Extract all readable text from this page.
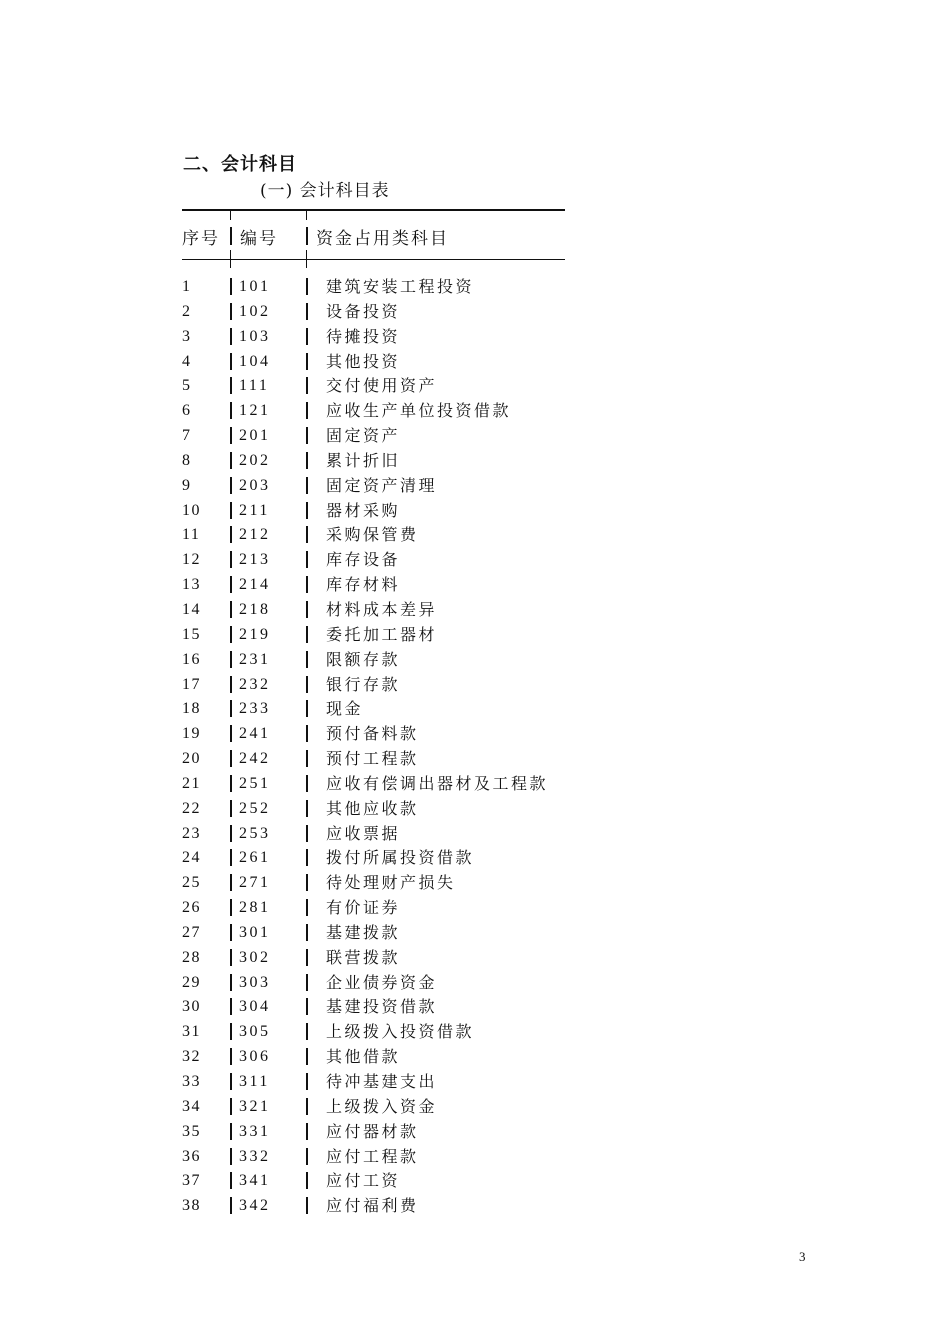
二、会计科目
(一) 会计科目表
序号 编号 资金占用类科目
1	101	建筑安装工程投资
2	102	设备投资
3	103	待摊投资
4	104	其他投资
5	111	交付使用资产
6	121	应收生产单位投资借款
7	201	固定资产
8	202	累计折旧
9	203	固定资产清理
10 211	器材采购
11 212	采购保管费
12 213	库存设备
13 214	库存材料
14 218	材料成本差异
15 219	委托加工器材
16 231	限额存款
17 232	银行存款
18 233	现金
19 241	预付备料款
20 242	预付工程款
21 251	应收有偿调出器材及工程款
22 252	其他应收款
23 253	应收票据
24 261	拨付所属投资借款
25 271	待处理财产损失
26 281	有价证券
27 301	基建拨款
28 302	联营拨款
29 303	企业债券资金
30 304	基建投资借款
31 305	上级拨入投资借款
32 306	其他借款
33 311	待冲基建支出
34 321	上级拨入资金
35 331	应付器材款
36 332	应付工程款
37 341	应付工资
38 342	应付福利费
3
